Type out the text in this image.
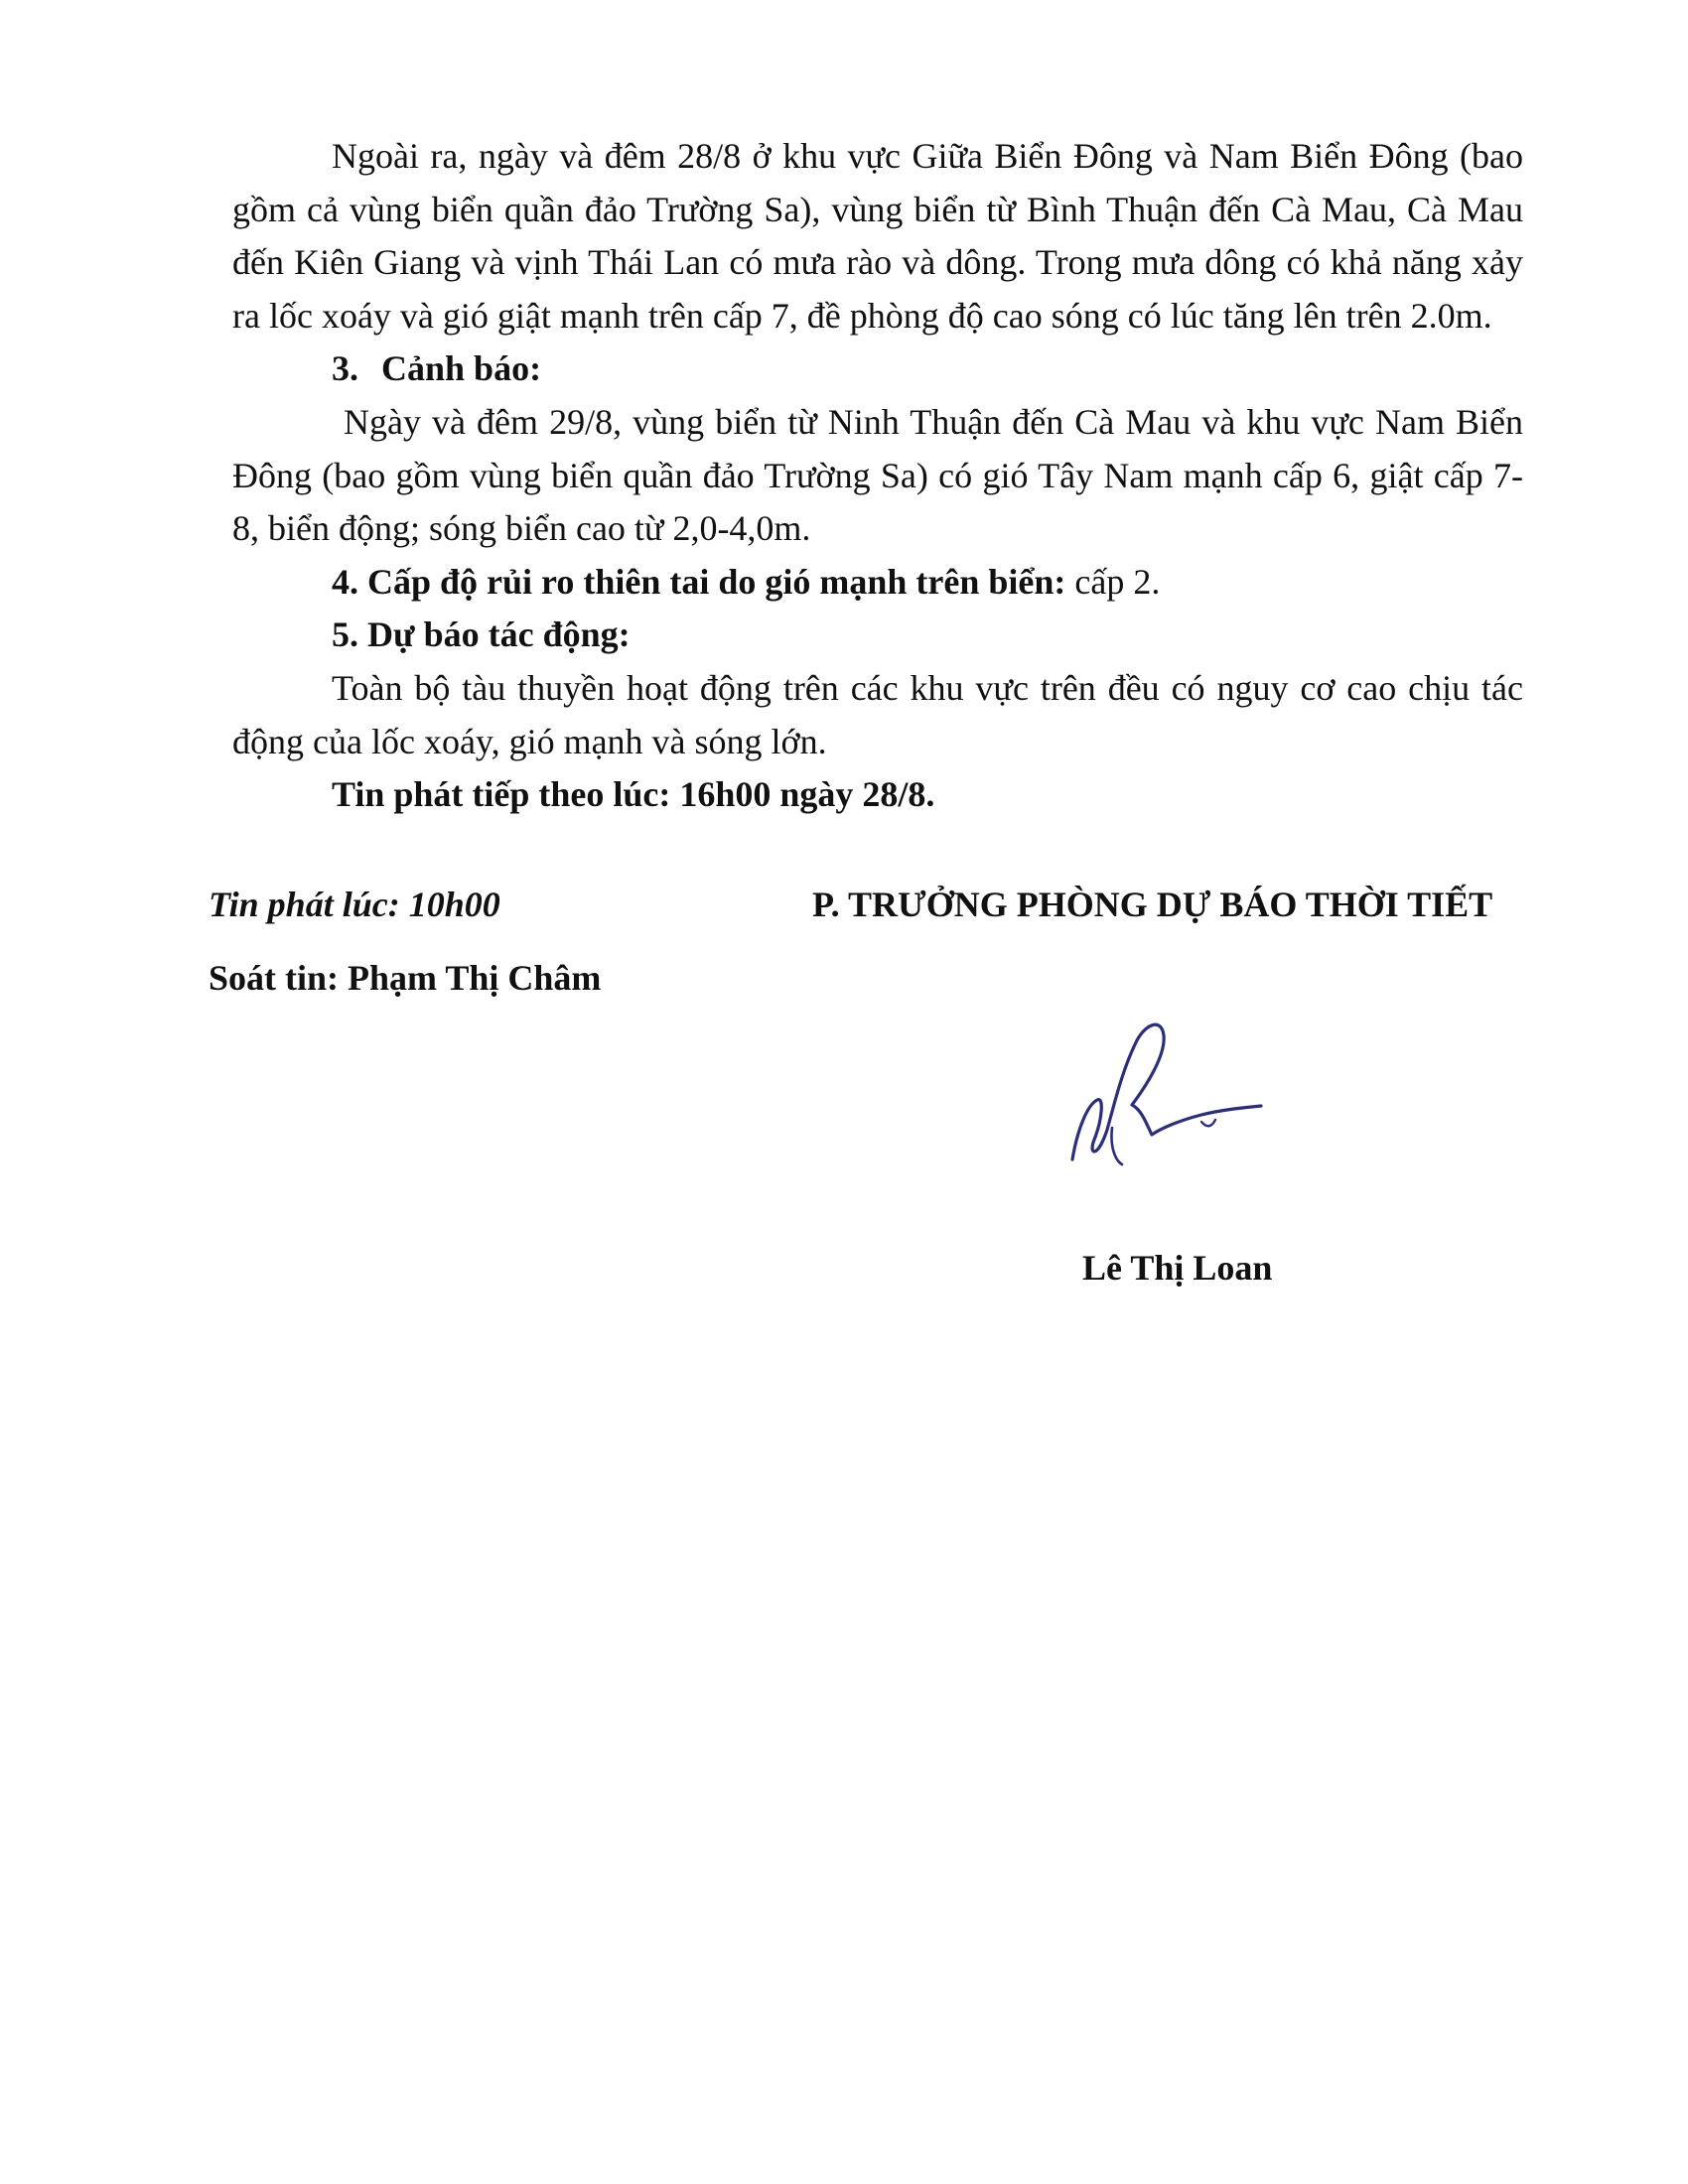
Ngoài ra, ngày và đêm 28/8 ở khu vực Giữa Biển Đông và Nam Biển Đông (bao gồm cả vùng biển quần đảo Trường Sa), vùng biển từ Bình Thuận đến Cà Mau, Cà Mau đến Kiên Giang và vịnh Thái Lan có mưa rào và dông. Trong mưa dông có khả năng xảy ra lốc xoáy và gió giật mạnh trên cấp 7, đề phòng độ cao sóng có lúc tăng lên trên 2.0m.

3. Cảnh báo:

Ngày và đêm 29/8, vùng biển từ Ninh Thuận đến Cà Mau và khu vực Nam Biển Đông (bao gồm vùng biển quần đảo Trường Sa) có gió Tây Nam mạnh cấp 6, giật cấp 7-8, biển động; sóng biển cao từ 2,0-4,0m.

4. Cấp độ rủi ro thiên tai do gió mạnh trên biển: cấp 2.

5. Dự báo tác động:

Toàn bộ tàu thuyền hoạt động trên các khu vực trên đều có nguy cơ cao chịu tác động của lốc xoáy, gió mạnh và sóng lớn.

Tin phát tiếp theo lúc: 16h00 ngày 28/8.

Tin phát lúc: 10h00	P. TRƯỞNG PHÒNG DỰ BÁO THỜI TIẾT
Soát tin: Phạm Thị Châm
Lê Thị Loan
